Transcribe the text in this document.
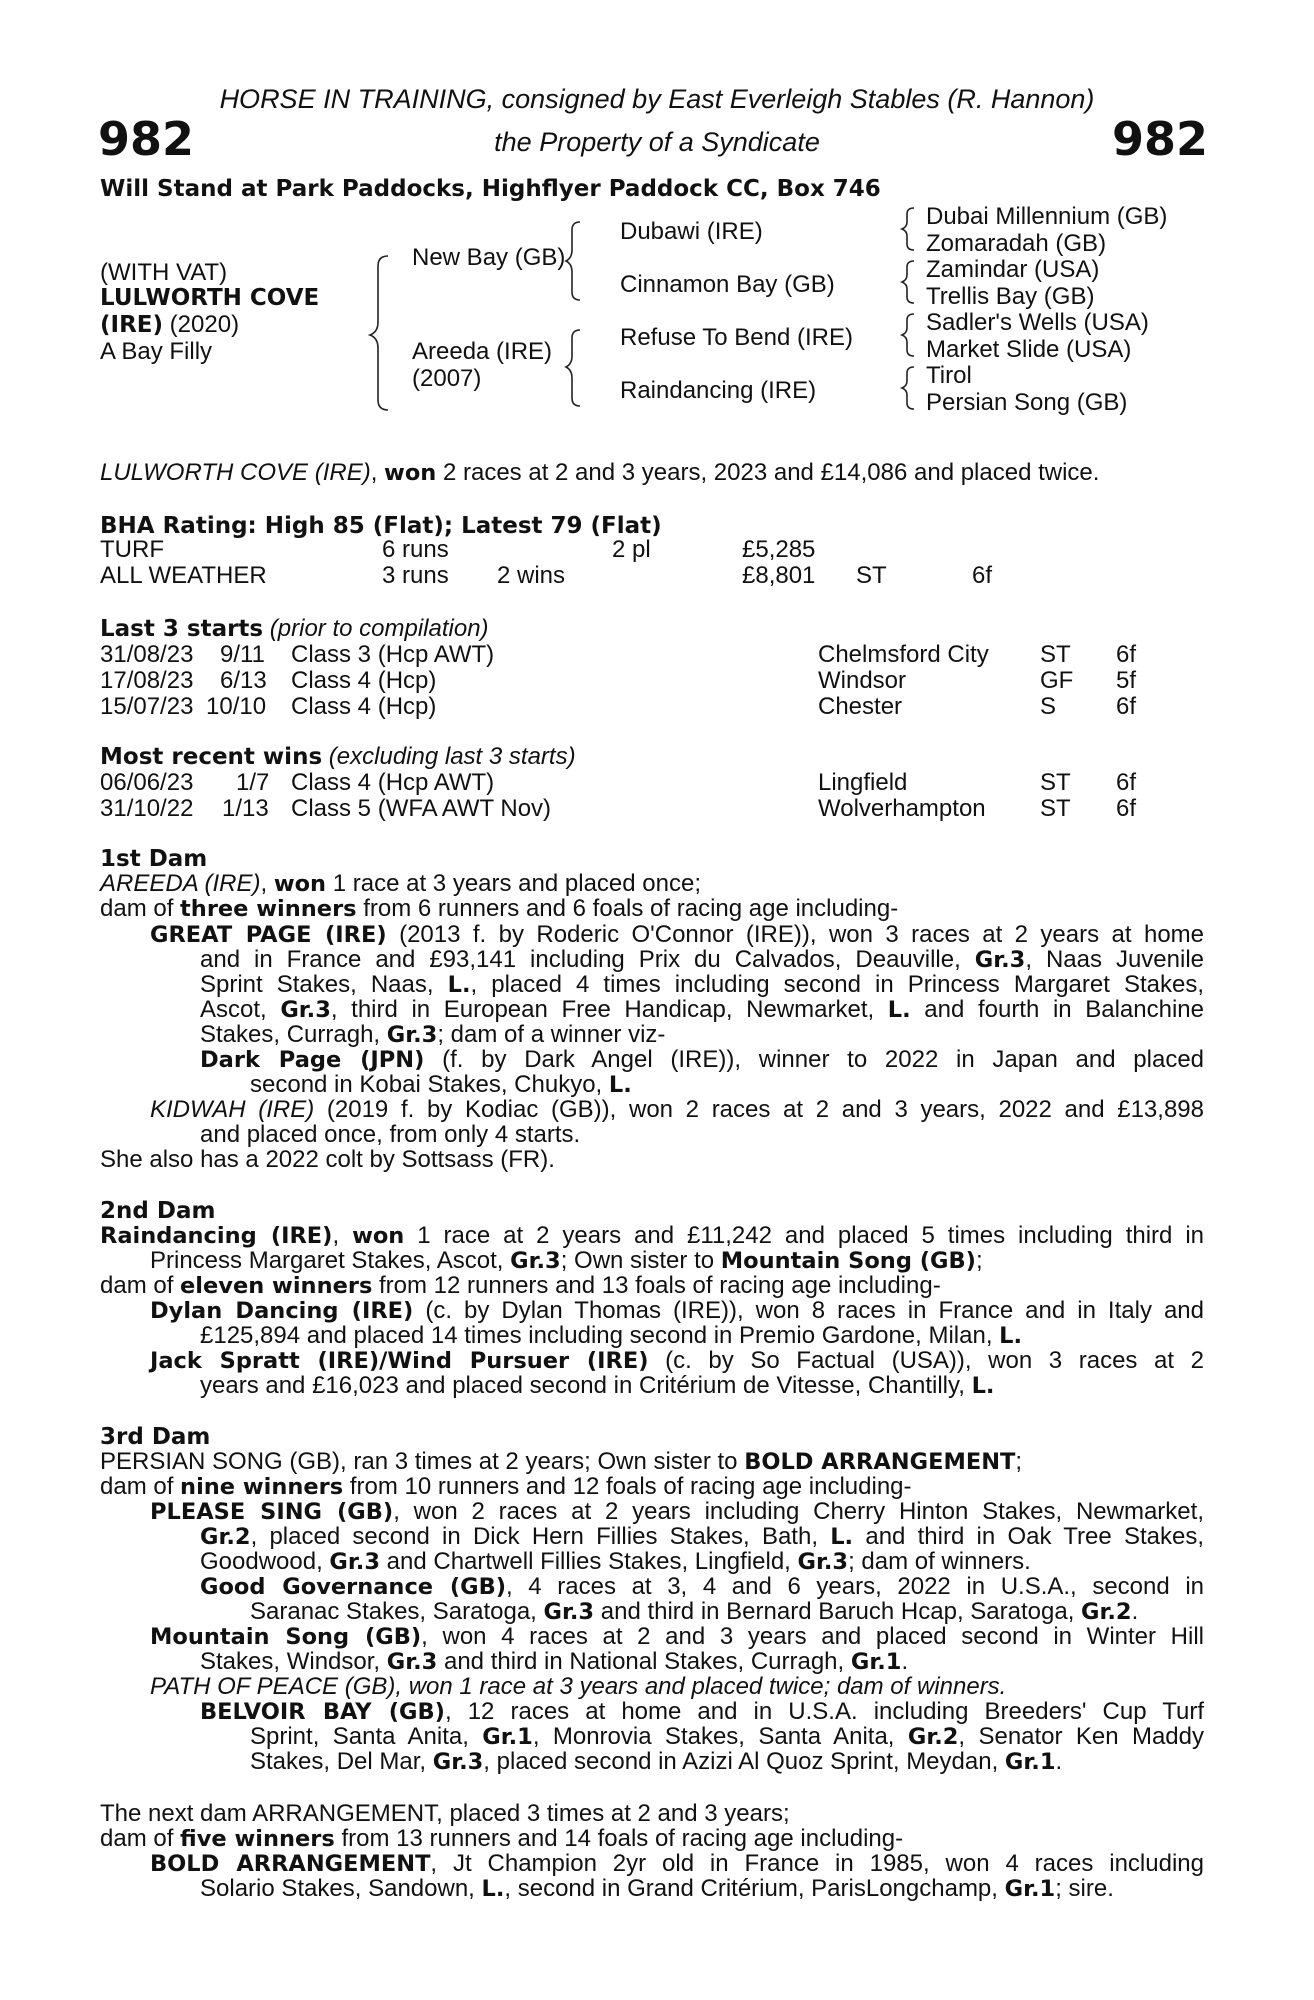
HORSE IN TRAINING, consigned by East Everleigh Stables (R. Hannon)
the Property of a Syndicate
982	982
Will Stand at Park Paddocks, Highflyer Paddock CC, Box 746
(WITH VAT)
LULWORTH COVE
(IRE) (2020)
A Bay Filly
New Bay (GB)
Areeda (IRE)
(2007)
Dubawi (IRE)
Cinnamon Bay (GB)
Refuse To Bend (IRE)
Raindancing (IRE)
Dubai Millennium (GB)
Zomaradah (GB)
Zamindar (USA)
Trellis Bay (GB)
Sadler's Wells (USA)
Market Slide (USA)
Tirol
Persian Song (GB)
LULWORTH COVE (IRE), won 2 races at 2 and 3 years, 2023 and £14,086 and placed twice.
BHA Rating: High 85 (Flat); Latest 79 (Flat)
TURF	6 runs	2 pl	£5,285
ALL WEATHER	3 runs 2 wins	£8,801 ST	6f
Last 3 starts (prior to compilation)
31/08/23 9/11 Class 3 (Hcp AWT)	Chelmsford City ST 6f
17/08/23 6/13 Class 4 (Hcp)	Windsor	GF 5f
15/07/23 10/10 Class 4 (Hcp)	Chester	S 6f
Most recent wins (excluding last 3 starts)
06/06/23 1/7 Class 4 (Hcp AWT)	Lingfield	ST 6f
31/10/22 1/13 Class 5 (WFA AWT Nov)	Wolverhampton ST 6f
1st Dam
AREEDA (IRE), won 1 race at 3 years and placed once;
dam of three winners from 6 runners and 6 foals of racing age including-
GREAT PAGE (IRE) (2013 f. by Roderic O'Connor (IRE)), won 3 races at 2 years at home
and in France and £93,141 including Prix du Calvados, Deauville, Gr.3, Naas Juvenile
Sprint Stakes, Naas, L., placed 4 times including second in Princess Margaret Stakes,
Ascot, Gr.3, third in European Free Handicap, Newmarket, L. and fourth in Balanchine
Stakes, Curragh, Gr.3; dam of a winner viz-
Dark Page (JPN) (f. by Dark Angel (IRE)), winner to 2022 in Japan and placed
second in Kobai Stakes, Chukyo, L.
KIDWAH (IRE) (2019 f. by Kodiac (GB)), won 2 races at 2 and 3 years, 2022 and £13,898
and placed once, from only 4 starts.
She also has a 2022 colt by Sottsass (FR).
2nd Dam
Raindancing (IRE), won 1 race at 2 years and £11,242 and placed 5 times including third in
Princess Margaret Stakes, Ascot, Gr.3; Own sister to Mountain Song (GB);
dam of eleven winners from 12 runners and 13 foals of racing age including-
Dylan Dancing (IRE) (c. by Dylan Thomas (IRE)), won 8 races in France and in Italy and
£125,894 and placed 14 times including second in Premio Gardone, Milan, L.
Jack Spratt (IRE)/Wind Pursuer (IRE) (c. by So Factual (USA)), won 3 races at 2
years and £16,023 and placed second in Critérium de Vitesse, Chantilly, L.
3rd Dam
PERSIAN SONG (GB), ran 3 times at 2 years; Own sister to BOLD ARRANGEMENT;
dam of nine winners from 10 runners and 12 foals of racing age including-
PLEASE SING (GB), won 2 races at 2 years including Cherry Hinton Stakes, Newmarket,
Gr.2, placed second in Dick Hern Fillies Stakes, Bath, L. and third in Oak Tree Stakes,
Goodwood, Gr.3 and Chartwell Fillies Stakes, Lingfield, Gr.3; dam of winners.
Good Governance (GB), 4 races at 3, 4 and 6 years, 2022 in U.S.A., second in
Saranac Stakes, Saratoga, Gr.3 and third in Bernard Baruch Hcap, Saratoga, Gr.2.
Mountain Song (GB), won 4 races at 2 and 3 years and placed second in Winter Hill
Stakes, Windsor, Gr.3 and third in National Stakes, Curragh, Gr.1.
PATH OF PEACE (GB), won 1 race at 3 years and placed twice; dam of winners.
BELVOIR BAY (GB), 12 races at home and in U.S.A. including Breeders' Cup Turf
Sprint, Santa Anita, Gr.1, Monrovia Stakes, Santa Anita, Gr.2, Senator Ken Maddy
Stakes, Del Mar, Gr.3, placed second in Azizi Al Quoz Sprint, Meydan, Gr.1.
The next dam ARRANGEMENT, placed 3 times at 2 and 3 years;
dam of five winners from 13 runners and 14 foals of racing age including-
BOLD ARRANGEMENT, Jt Champion 2yr old in France in 1985, won 4 races including
Solario Stakes, Sandown, L., second in Grand Critérium, ParisLongchamp, Gr.1; sire.
